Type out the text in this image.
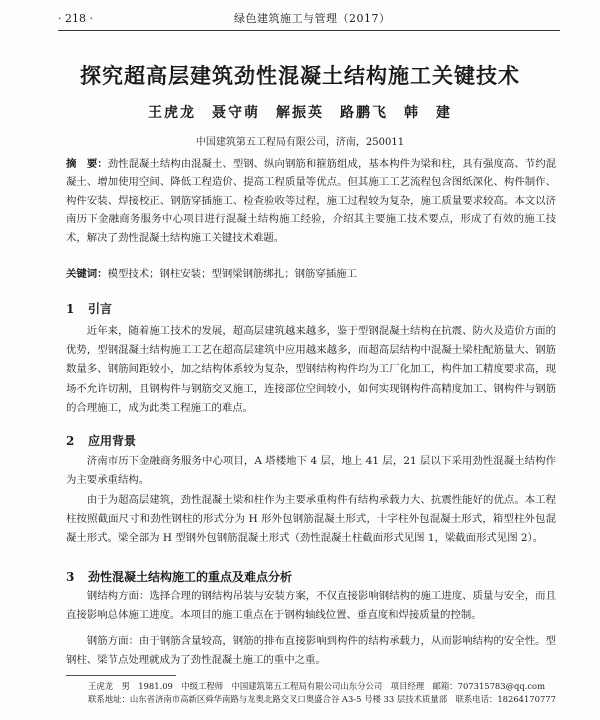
· 218 ·	绿色建筑施工与管理（2017）
探究超高层建筑劲性混凝土结构施工关键技术
王虎龙　聂守萌　解振英　路鹏飞　韩　建
中国建筑第五工程局有限公司，济南，250011
摘　要：劲性混凝土结构由混凝土、型钢、纵向钢筋和箍筋组成，基本构件为梁和柱，具有强度高、节约混凝土、增加使用空间、降低工程造价、提高工程质量等优点。但其施工工艺流程包含图纸深化、构件制作、构件安装、焊接校正、钢筋穿插施工、检查验收等过程，施工过程较为复杂，施工质量要求较高。本文以济南历下金融商务服务中心项目进行混凝土结构施工经验，介绍其主要施工技术要点，形成了有效的施工技术，解决了劲性混凝土结构施工关键技术难题。
关键词：模型技术；钢柱安装；型钢梁钢筋绑扎；钢筋穿插施工
1 引言
近年来，随着施工技术的发展，超高层建筑越来越多，鉴于型钢混凝土结构在抗震、防火及造价方面的优势，型钢混凝土结构施工工艺在超高层建筑中应用越来越多，而超高层结构中混凝土梁柱配筋量大、钢筋数量多、钢筋间距较小，加之结构体系较为复杂，型钢结构构件均为工厂化加工，构件加工精度要求高，现场不允许切割，且钢构件与钢筋交叉施工，连接部位空间较小，如何实现钢构件高精度加工、钢构件与钢筋的合理施工，成为此类工程施工的难点。
2 应用背景
济南市历下金融商务服务中心项目，A 塔楼地下 4 层，地上 41 层，21 层以下采用劲性混凝土结构作为主要承重结构。
由于为超高层建筑，劲性混凝土梁和柱作为主要承重构件有结构承载力大、抗震性能好的优点。本工程柱按照截面尺寸和劲性钢柱的形式分为 H 形外包钢筋混凝土形式，十字柱外包混凝土形式，箱型柱外包混凝土形式。梁全部为 H 型钢外包钢筋混凝土形式（劲性混凝土柱截面形式见图 1，梁截面形式见图 2）。
3 劲性混凝土结构施工的重点及难点分析
钢结构方面：选择合理的钢结构吊装与安装方案，不仅直接影响钢结构的施工进度、质量与安全，而且直接影响总体施工进度。本项目的施工重点在于钢构轴线位置、垂直度和焊接质量的控制。
钢筋方面：由于钢筋含量较高，钢筋的排布直接影响到构件的结构承载力，从而影响结构的安全性。型钢柱、梁节点处理就成为了劲性混凝土施工的重中之重。
王虎龙　男　1981.09　中级工程师　中国建筑第五工程局有限公司山东分公司　项目经理　邮箱：707315783@qq.com　联系地址：山东省济南市高新区舜华南路与龙奥北路交叉口奥盛合谷 A3-5 号楼 33 层技术质量部　联系电话：18264170777
